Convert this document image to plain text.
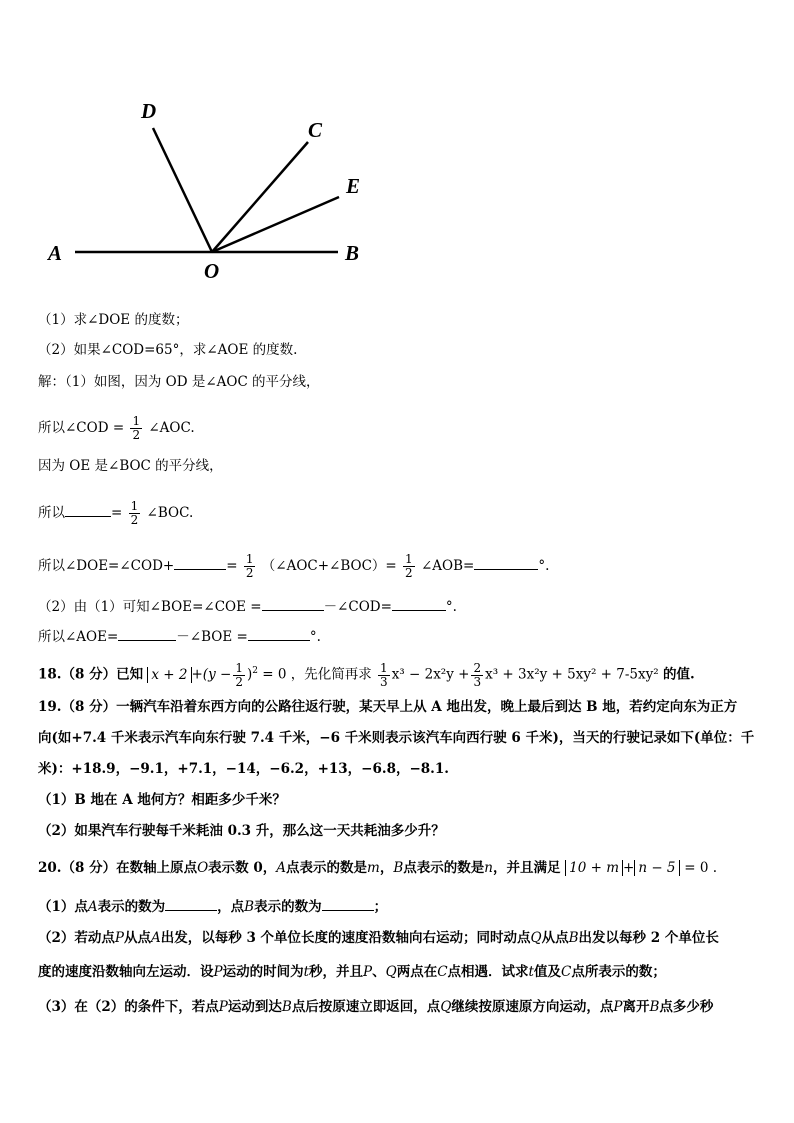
D
C
E
A	B
O
（1）求∠DOE 的度数；
（2）如果∠COD=65°，求∠AOE 的度数.
解：（1）如图，因为 OD 是∠AOC 的平分线，
所以∠COD = $\frac{1}{2}$ ∠AOC.
因为 OE 是∠BOC 的平分线，
所以	= $\frac{1}{2}$ ∠BOC.
所以∠DOE=∠COD+	= $\frac{1}{2}$ （∠AOC+∠BOC）= $\frac{1}{2}$ ∠AOB=	°.
（2）由（1）可知∠BOE=∠COE =	－∠COD=	°.
所以∠AOE=	－∠BOE =	°.
18.（8 分）已知 $x + 2 +(y - \frac{1}{2} )^2 = 0$ ，先化简再求 $\frac{1}{3} x^3 - 2x^2y + \frac{2}{3} x^3 + 3x^2y + 5xy^2 + 7-5xy^2$ 的值.
19.（8 分）一辆汽车沿着东西方向的公路往返行驶，某天早上从 A 地出发，晚上最后到达 B 地，若约定向东为正方
向(如+7.4 千米表示汽车向东行驶 7.4 千米，−6 千米则表示该汽车向西行驶 6 千米)，当天的行驶记录如下(单位：千
米)：+18.9，−9.1，+7.1，−14，−6.2，+13，−6.8，−8.1.
（1）B 地在 A 地何方？相距多少千米？
（2）如果汽车行驶每千米耗油 0.3 升，那么这一天共耗油多少升？
20.（8 分）在数轴上原点O表示数 0，A点表示的数是m，B点表示的数是n，并且满足 10 + m + n − 5 = 0 .
（1）点A表示的数为	，点B表示的数为	；
（2）若动点P从点A出发，以每秒 3 个单位长度的速度沿数轴向右运动；同时动点Q从点B出发以每秒 2 个单位长
度的速度沿数轴向左运动．设P运动的时间为t秒，并且P、Q两点在C点相遇．试求t值及C点所表示的数；
（3）在（2）的条件下，若点P运动到达B点后按原速立即返回，点Q继续按原速原方向运动，点P离开B点多少秒
